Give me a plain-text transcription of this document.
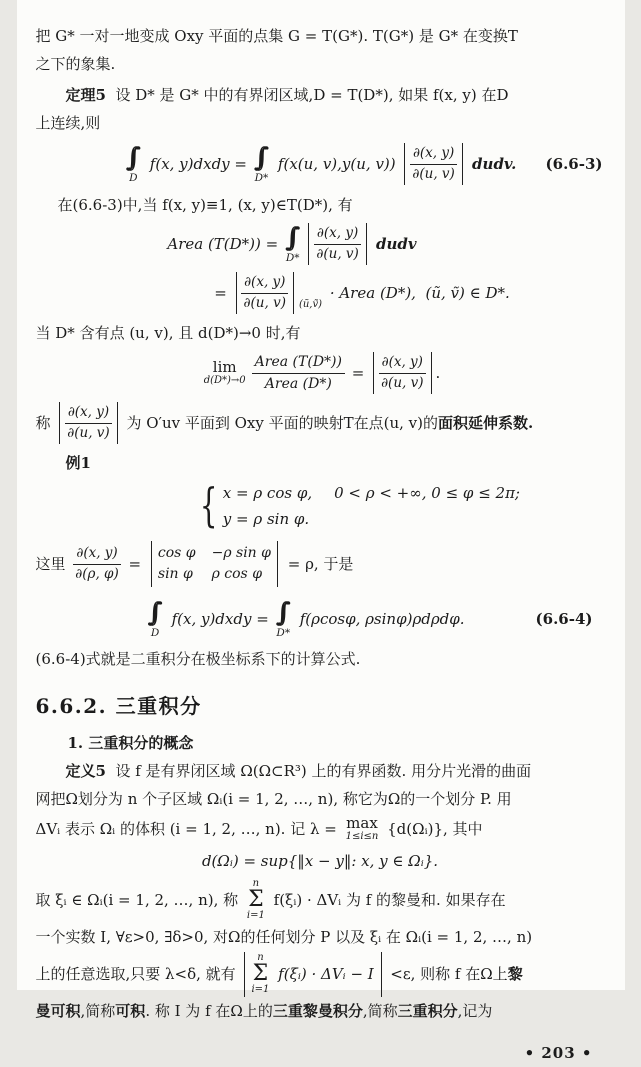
把 G* 一对一地变成 Oxy 平面的点集 G = T(G*). T(G*) 是 G* 在变换T
之下的象集.
定理5  设 D* 是 G* 中的有界闭区域,D = T(D*), 如果 f(x, y) 在D
上连续,则
∫∫
D
f(x, y)dxdy = ∫∫
D*
f(x(u, v),y(u, $v)) \frac{\partial(x, y)}{\partial(u, v)}$ dudv. (6.6-3)
在(6.6-3)中,当 f(x, y)≡1, (x, y)∈T(D*), 有
Area (T(D*)) = ∫∫
$D* \frac{\partial(x, y)}{\partial(u, v)}$ dudv
= $\frac{\partial(x, y)}{\partial(u, v)}$ (ũ,ṽ)
· Area (D*),  (ũ, ṽ) ∈ D*.
当 D* 含有点 (u, v), 且 d(D*)→0 时,有
lim
$d(D*)\to 0 \frac{\text{Area (T(D*))}}{\text{Area (D*)}} = \frac{\partial(x, y)}{\partial(u, v)}$ .
称 $\frac{\partial(x, y)}{\partial(u, v)}$ 为 O′uv 平面到 Oxy 平面的映射T在点(u, v)的 面积延伸系数.
例1
{ x = ρ cos φ, 0 < ρ < +∞, 0 ≤ φ ≤ 2π;
y = ρ sin φ.
这里 $\frac{\partial(x, y)}{\partial(\rho, \varphi)}$ =
cos φ −ρ sin φ
sin φ ρ cos φ
= ρ, 于是
∫∫
D
f(x, y)dxdy = ∫∫
D*
f(ρcosφ, ρsinφ)ρdρdφ.	(6.6-4)
(6.6-4)式就是二重积分在极坐标系下的计算公式.
6.6.2. 三重积分
1. 三重积分的概念
定义5  设 f 是有界闭区域 Ω(Ω⊂R³) 上的有界函数. 用分片光滑的曲面
网把Ω划分为 n 个子区域 Ωᵢ(i = 1, 2, …, n), 称它为Ω的一个划分 P. 用
ΔVᵢ 表示 Ωᵢ 的体积 (i = 1, 2, …, n). 记 λ = max
1≤i≤n {d(Ωᵢ)}, 其中
d(Ωᵢ) = sup{‖x − y‖: x, y ∈ Ωᵢ}.
取 ξᵢ ∈ Ωᵢ(i = 1, 2, …, n), 称
n
Σ
i=1
f(ξᵢ) · ΔVᵢ 为 f 的黎曼和. 如果存在
一个实数 I, ∀ε>0, ∃δ>0, 对Ω的任何划分 P 以及 ξᵢ 在 Ωᵢ(i = 1, 2, …, n)
上的任意选取,只要 λ<δ, 就有
n
Σ
i=1
f(ξᵢ) · ΔVᵢ − I <ε, 则称 f 在Ω上 黎
曼可积,简称可积. 称 I 为 f 在Ω上的三重黎曼积分,简称三重积分,记为
• 203 •
